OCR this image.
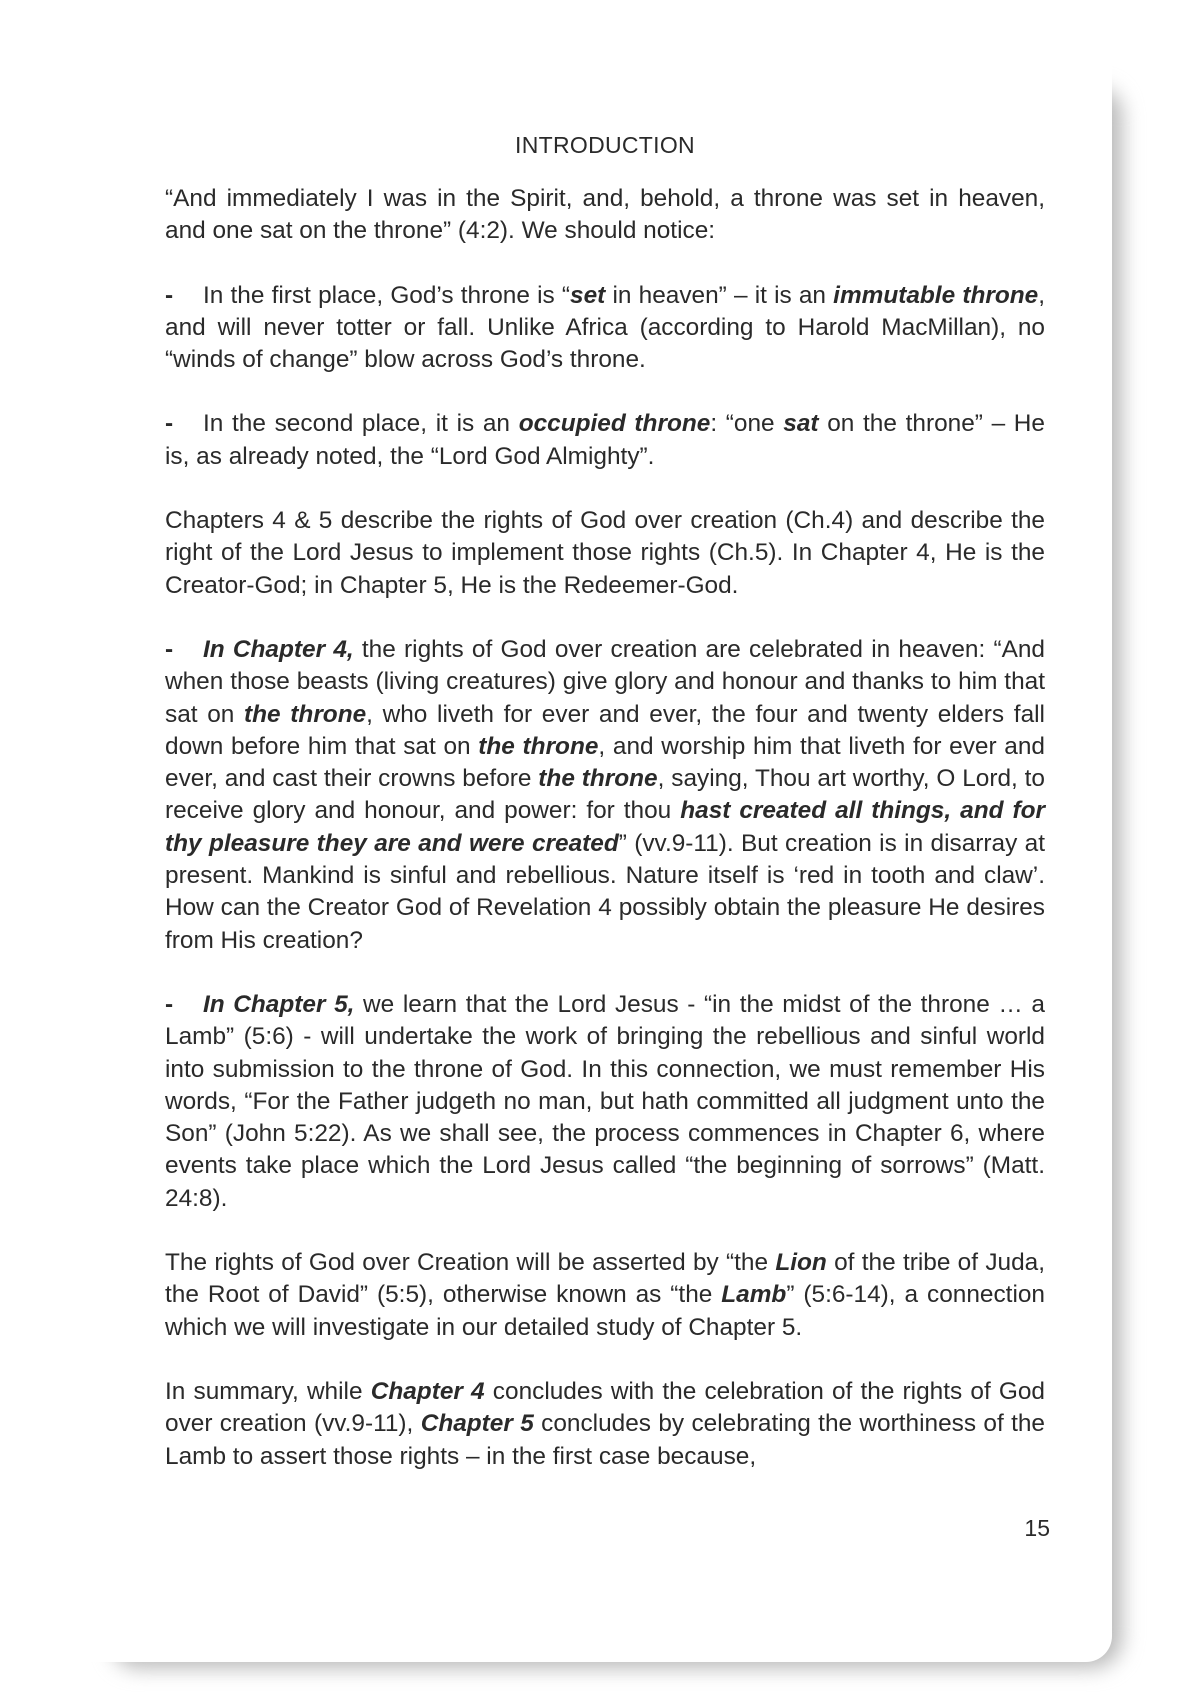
INTRODUCTION

“And immediately I was in the Spirit, and, behold, a throne was set in heaven, and one sat on the throne” (4:2). We should notice:

- In the first place, God’s throne is “set in heaven” – it is an immutable throne, and will never totter or fall. Unlike Africa (according to Harold MacMillan), no “winds of change” blow across God’s throne.

- In the second place, it is an occupied throne: “one sat on the throne” – He is, as already noted, the “Lord God Almighty”.

Chapters 4 & 5 describe the rights of God over creation (Ch.4) and describe the right of the Lord Jesus to implement those rights (Ch.5). In Chapter 4, He is the Creator-God; in Chapter 5, He is the Redeemer-God.

- In Chapter 4, the rights of God over creation are celebrated in heaven: “And when those beasts (living creatures) give glory and honour and thanks to him that sat on the throne, who liveth for ever and ever, the four and twenty elders fall down before him that sat on the throne, and worship him that liveth for ever and ever, and cast their crowns before the throne, saying, Thou art worthy, O Lord, to receive glory and honour, and power: for thou hast created all things, and for thy pleasure they are and were created” (vv.9-11). But creation is in disarray at present. Mankind is sinful and rebellious. Nature itself is ‘red in tooth and claw’. How can the Creator God of Revelation 4 possibly obtain the pleasure He desires from His creation?

- In Chapter 5, we learn that the Lord Jesus - “in the midst of the throne … a Lamb” (5:6) - will undertake the work of bringing the rebellious and sinful world into submission to the throne of God. In this connection, we must remember His words, “For the Father judgeth no man, but hath committed all judgment unto the Son” (John 5:22). As we shall see, the process commences in Chapter 6, where events take place which the Lord Jesus called “the beginning of sorrows” (Matt. 24:8).

The rights of God over Creation will be asserted by “the Lion of the tribe of Juda, the Root of David” (5:5), otherwise known as “the Lamb” (5:6-14), a connection which we will investigate in our detailed study of Chapter 5.

In summary, while Chapter 4 concludes with the celebration of the rights of God over creation (vv.9-11), Chapter 5 concludes by celebrating the worthiness of the Lamb to assert those rights – in the first case because,

15
